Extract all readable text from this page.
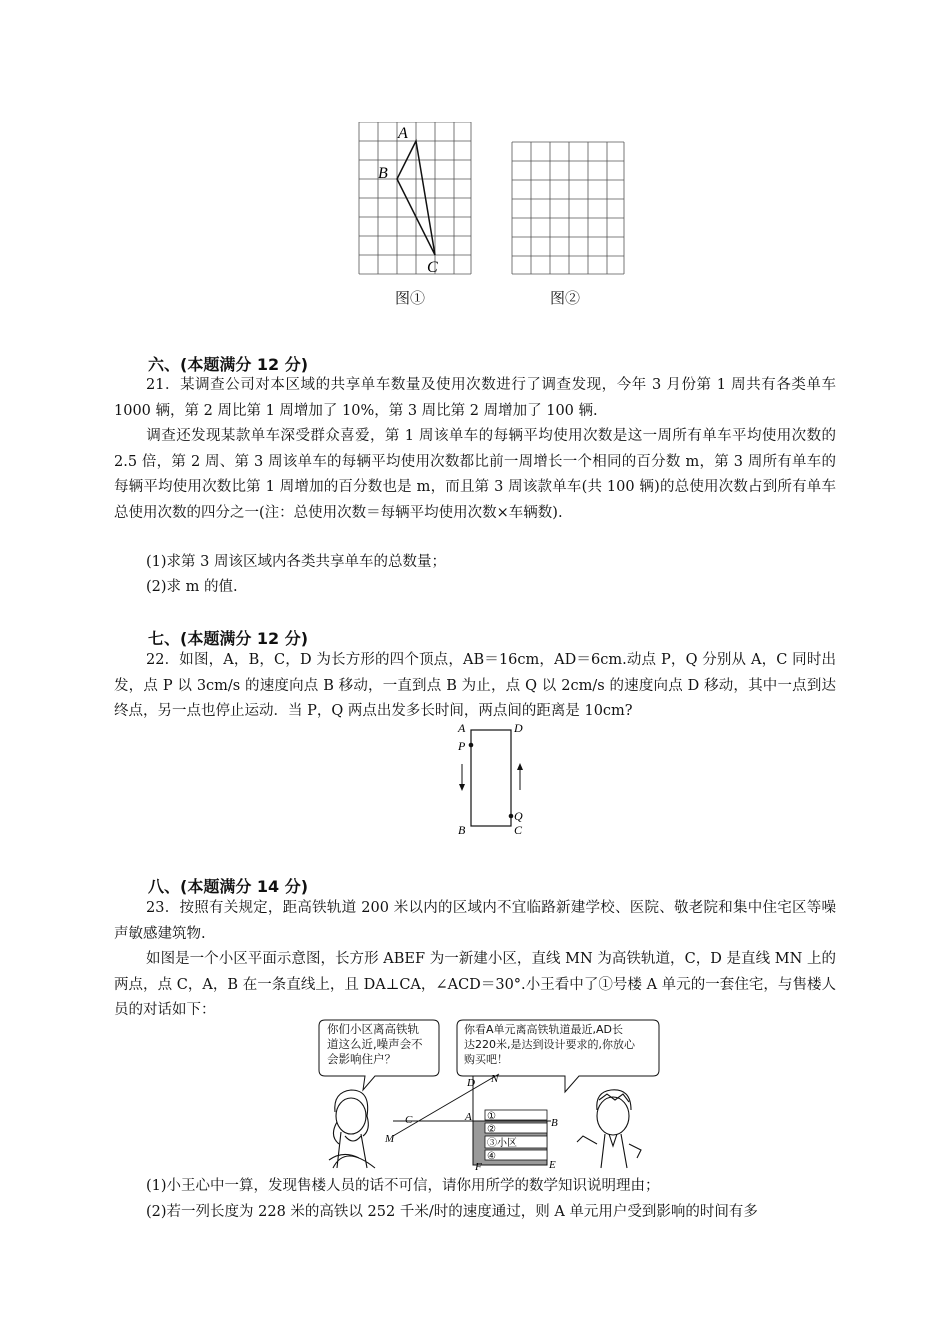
A
B
C
图①	图②
六、(本题满分 12 分)

21．某调查公司对本区域的共享单车数量及使用次数进行了调查发现，今年 3 月份第 1 周共有各类单车 1000 辆，第 2 周比第 1 周增加了 10%，第 3 周比第 2 周增加了 100 辆.

调查还发现某款单车深受群众喜爱，第 1 周该单车的每辆平均使用次数是这一周所有单车平均使用次数的 2.5 倍，第 2 周、第 3 周该单车的每辆平均使用次数都比前一周增长一个相同的百分数 m，第 3 周所有单车的每辆平均使用次数比第 1 周增加的百分数也是 m，而且第 3 周该款单车(共 100 辆)的总使用次数占到所有单车总使用次数的四分之一(注：总使用次数＝每辆平均使用次数×车辆数).

(1)求第 3 周该区域内各类共享单车的总数量；
(2)求 m 的值.
七、(本题满分 12 分)

22．如图，A，B，C，D 为长方形的四个顶点，AB＝16cm，AD＝6cm.动点 P，Q 分别从 A，C 同时出发，点 P 以 3cm/s 的速度向点 B 移动，一直到点 B 为止，点 Q 以 2cm/s 的速度向点 D 移动，其中一点到达终点，另一点也停止运动．当 P，Q 两点出发多长时间，两点间的距离是 10cm?

A	D
P
Q
B	C
八、(本题满分 14 分)

23．按照有关规定，距高铁轨道 200 米以内的区域内不宜临路新建学校、医院、敬老院和集中住宅区等噪声敏感建筑物.

如图是一个小区平面示意图，长方形 ABEF 为一新建小区，直线 MN 为高铁轨道，C，D 是直线 MN 上的两点，点 C，A，B 在一条直线上，且 DA⊥CA，∠ACD＝30°.小王看中了①号楼 A 单元的一套住宅，与售楼人员的对话如下：

D N
C	A
M
B
F	E
①
②
③小区
④
你们小区离高铁轨
道这么近,噪声会不
会影响住户？
你看A单元离高铁轨道最近,AD长
达220米,是达到设计要求的,你放心
购买吧！
(1)小王心中一算，发现售楼人员的话不可信，请你用所学的数学知识说明理由；
(2)若一列长度为 228 米的高铁以 252 千米/时的速度通过，则 A 单元用户受到影响的时间有多
